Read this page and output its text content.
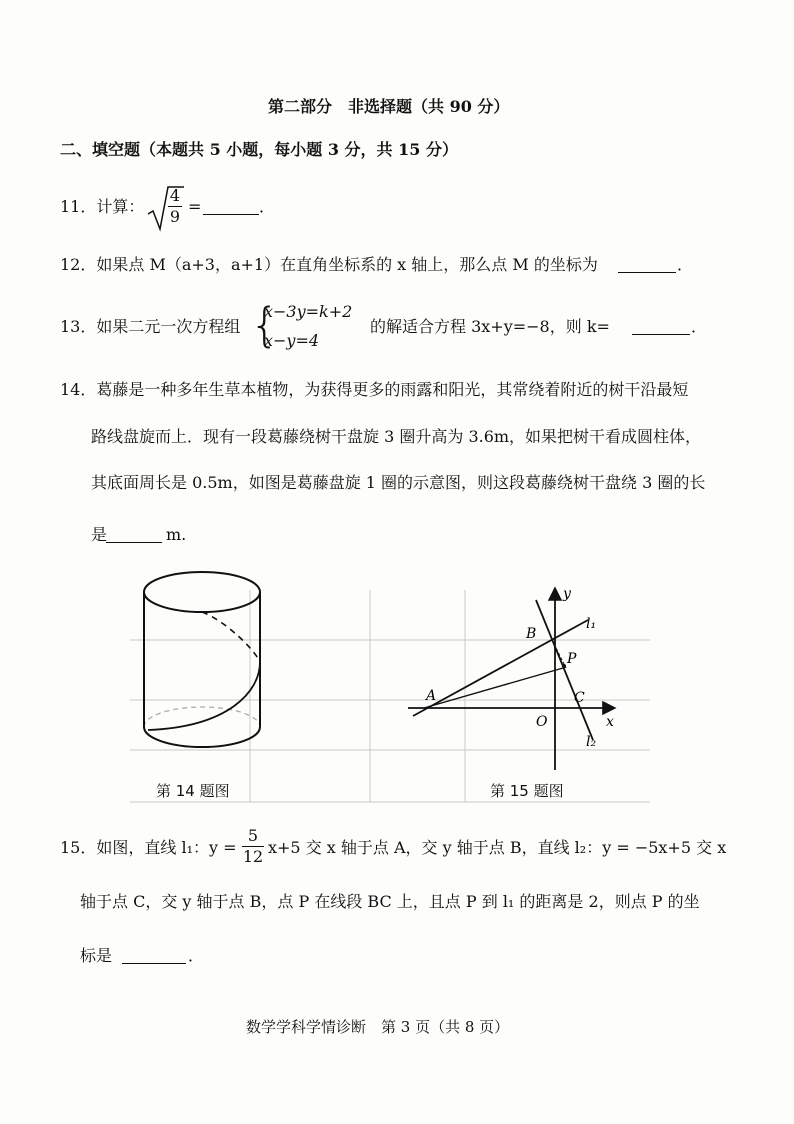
第二部分　非选择题（共 90 分）
二、填空题（本题共 5 小题，每小题 3 分，共 15 分）
11．计算： $\frac{4}{9}$ =	．
12．如果点 M（a+3，a+1）在直角坐标系的 x 轴上，那么点 M 的坐标为	．
13．如果二元一次方程组 {
x−3y=k+2
x−y=4
的解适合方程 3x+y=−8，则 k=	．
14．葛藤是一种多年生草本植物，为获得更多的雨露和阳光，其常绕着附近的树干沿最短
路线盘旋而上．现有一段葛藤绕树干盘旋 3 圈升高为 3.6m，如果把树干看成圆柱体，
其底面周长是 0.5m，如图是葛藤盘旋 1 圈的示意图，则这段葛藤绕树干盘绕 3 圈的长
是	m.
第 14 题图
y
l₁
B
P
C
A
O	x
l₂
第 15 题图
15．如图，直线 l₁：$y = \frac{5}{12} x+5$ 交 x 轴于点 A，交 y 轴于点 B，直线 l₂：y = −5x+5 交 x
轴于点 C，交 y 轴于点 B，点 P 在线段 BC 上，且点 P 到 l₁ 的距离是 2，则点 P 的坐
标是	．
数学学科学情诊断　第 3 页（共 8 页）
